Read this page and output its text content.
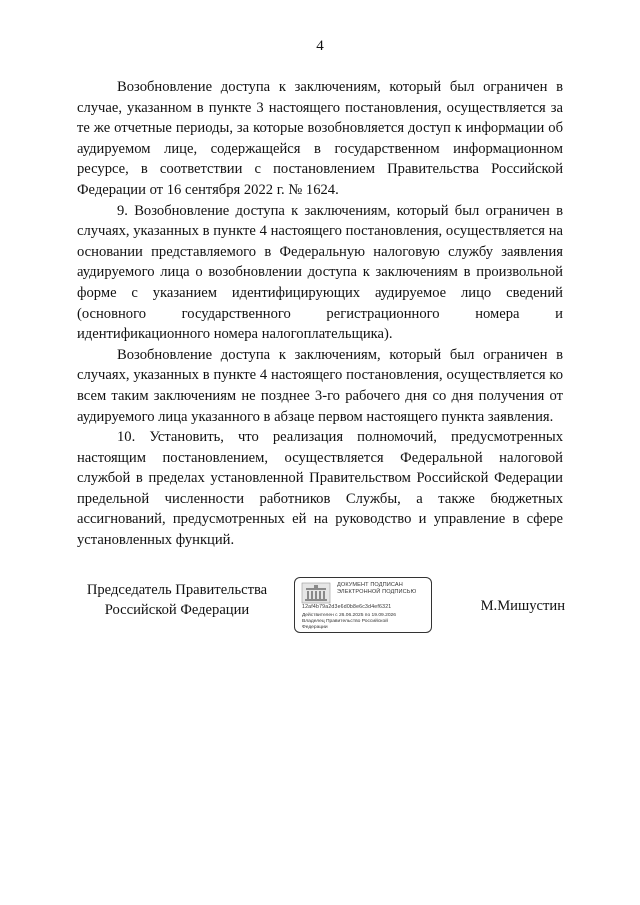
4

Возобновление доступа к заключениям, который был ограничен в случае, указанном в пункте 3 настоящего постановления, осуществляется за те же отчетные периоды, за которые возобновляется доступ к информации об аудируемом лице, содержащейся в государственном информационном ресурсе, в соответствии с постановлением Правительства Российской Федерации от 16 сентября 2022 г. № 1624.

9. Возобновление доступа к заключениям, который был ограничен в случаях, указанных в пункте 4 настоящего постановления, осуществляется на основании представляемого в Федеральную налоговую службу заявления аудируемого лица о возобновлении доступа к заключениям в произвольной форме с указанием идентифицирующих аудируемое лицо сведений (основного государственного регистрационного номера и идентификационного номера налогоплательщика).

Возобновление доступа к заключениям, который был ограничен в случаях, указанных в пункте 4 настоящего постановления, осуществляется ко всем таким заключениям не позднее 3-го рабочего дня со дня получения от аудируемого лица указанного в абзаце первом настоящего пункта заявления.

10. Установить, что реализация полномочий, предусмотренных настоящим постановлением, осуществляется Федеральной налоговой службой в пределах установленной Правительством Российской Федерации предельной численности работников Службы, а также бюджетных ассигнований, предусмотренных ей на руководство и управление в сфере установленных функций.

Председатель Правительства
Российской Федерации
ДОКУМЕНТ ПОДПИСАН
ЭЛЕКТРОННОЙ ПОДПИСЬЮ
12af4b79a2d3e6d0b8e6c3d4ef6321
Действителен с 26.06.2025 по 19.09.2026
Владелец Правительство Российской
Федерации
М.Мишустин
